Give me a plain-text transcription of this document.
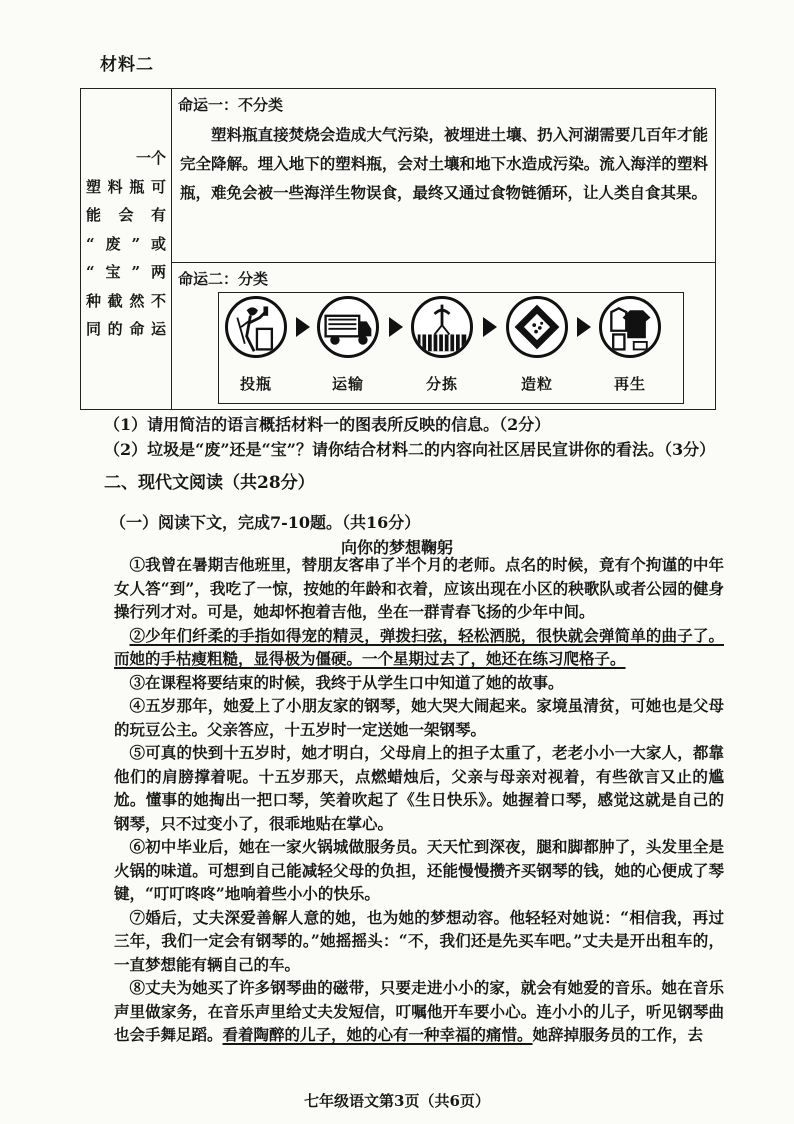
材料二
一个
塑料瓶可
能会有
“废”或
“宝”两
种截然不
同的命运
命运一：不分类
塑料瓶直接焚烧会造成大气污染，被埋进土壤、扔入河湖需要几百年才能完全降解。埋入地下的塑料瓶，会对土壤和地下水造成污染。流入海洋的塑料瓶，难免会被一些海洋生物误食，最终又通过食物链循环，让人类自食其果。
命运二：分类
投瓶	运输	分拣	造粒	再生
（1）请用简洁的语言概括材料一的图表所反映的信息。（2分）
（2）垃圾是“废”还是“宝”？请你结合材料二的内容向社区居民宣讲你的看法。（3分）
二、现代文阅读（共28分）
（一）阅读下文，完成7-10题。（共16分）
向你的梦想鞠躬

①我曾在暑期吉他班里，替朋友客串了半个月的老师。点名的时候，竟有个拘谨的中年女人答“到”，我吃了一惊，按她的年龄和衣着，应该出现在小区的秧歌队或者公园的健身操行列才对。可是，她却怀抱着吉他，坐在一群青春飞扬的少年中间。

②少年们纤柔的手指如得宠的精灵，弹拨扫弦，轻松洒脱，很快就会弹简单的曲子了。而她的手枯瘦粗糙，显得极为僵硬。一个星期过去了，她还在练习爬格子。

③在课程将要结束的时候，我终于从学生口中知道了她的故事。

④五岁那年，她爱上了小朋友家的钢琴，她大哭大闹起来。家境虽清贫，可她也是父母的玩豆公主。父亲答应，十五岁时一定送她一架钢琴。

⑤可真的快到十五岁时，她才明白，父母肩上的担子太重了，老老小小一大家人，都靠他们的肩膀撑着呢。十五岁那天，点燃蜡烛后，父亲与母亲对视着，有些欲言又止的尴尬。懂事的她掏出一把口琴，笑着吹起了《生日快乐》。她握着口琴，感觉这就是自己的钢琴，只不过变小了，很乖地贴在掌心。

⑥初中毕业后，她在一家火锅城做服务员。天天忙到深夜，腿和脚都肿了，头发里全是火锅的味道。可想到自己能减轻父母的负担，还能慢慢攒齐买钢琴的钱，她的心便成了琴键，“叮叮咚咚”地响着些小小的快乐。

⑦婚后，丈夫深爱善解人意的她，也为她的梦想动容。他轻轻对她说：“相信我，再过三年，我们一定会有钢琴的。”她摇摇头：“不，我们还是先买车吧。”丈夫是开出租车的，一直梦想能有辆自己的车。

⑧丈夫为她买了许多钢琴曲的磁带，只要走进小小的家，就会有她爱的音乐。她在音乐声里做家务，在音乐声里给丈夫发短信，叮嘱他开车要小心。连小小的儿子，听见钢琴曲也会手舞足蹈。看着陶醉的儿子，她的心有一种幸福的痛惜。她辞掉服务员的工作，去

七年级语文第3页（共6页）
